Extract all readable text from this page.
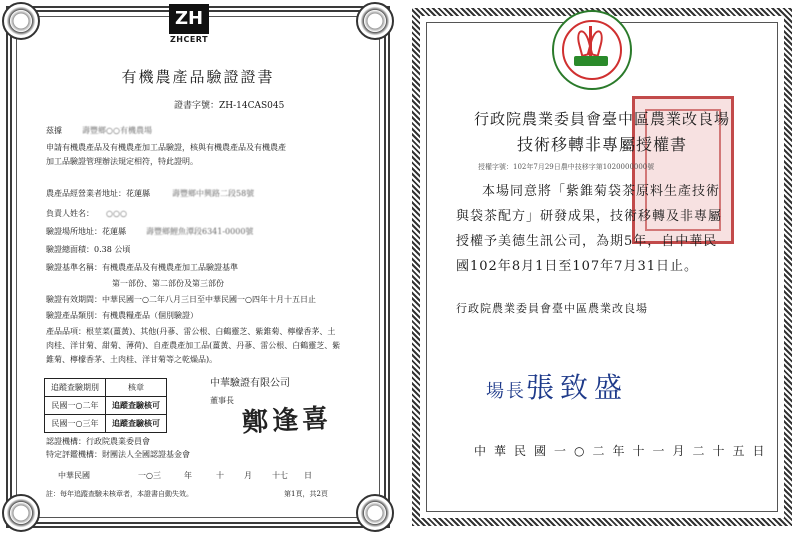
ZH
ZHCERT
有機農產品驗證證書
證書字號：ZH-14CAS045
茲據	壽豐鄉○○有機農場
申請有機農產品及有機農產加工品驗證，核與有機農產品及有機農產
加工品驗證管理辦法規定相符，特此證明。
農產品經營業者地址：花蓮縣	壽豐鄉中興路二段58號
負責人姓名： ○○○
驗證場所地址：花蓮縣	壽豐鄉鯉魚潭段6341-0000號
驗證總面積：0.38 公頃
驗證基準名稱：有機農產品及有機農產加工品驗證基準
第一部份、第二部份及第三部份
驗證有效期間：中華民國一○二年八月三日至中華民國一○四年十月十五日止
驗證產品類別：有機農糧產品（個別驗證）
產品品項：根莖菜(薑黃)、其他(丹蔘、雷公根、白鶴靈芝、紫錐菊、檸檬香茅、土
肉桂、洋甘菊、甜菊、薄荷)、自產農產加工品(薑黃、丹蔘、雷公根、白鶴靈芝、紫
錐菊、檸檬香茅、土肉桂、洋甘菊等之乾燥品)。
追蹤查驗期別	核章
民國一○二年	追蹤查驗核可
民國一○三年	追蹤查驗核可
中華驗證有限公司
董事長
鄭逢喜
認證機構：行政院農業委員會
特定評鑑機構：財團法人全國認證基金會
中華民國	一○三	年	十	月	十七 日
註：每年追蹤查驗未核章者，本證書自動失效。	第1頁，共2頁
行政院農業委員會臺中區農業改良場
技術移轉非專屬授權書
授權字號：102年7月29日農中技移字第1020000000號
本場同意將「紫錐菊袋茶原料生產技術
與袋茶配方」研發成果，技術移轉及非專屬
授權予美德生訊公司，為期5年，自中華民
國102年8月1日至107年7月31日止。
行政院農業委員會臺中區農業改良場
場長張致盛
中華民國一○二年十一月二十五日
